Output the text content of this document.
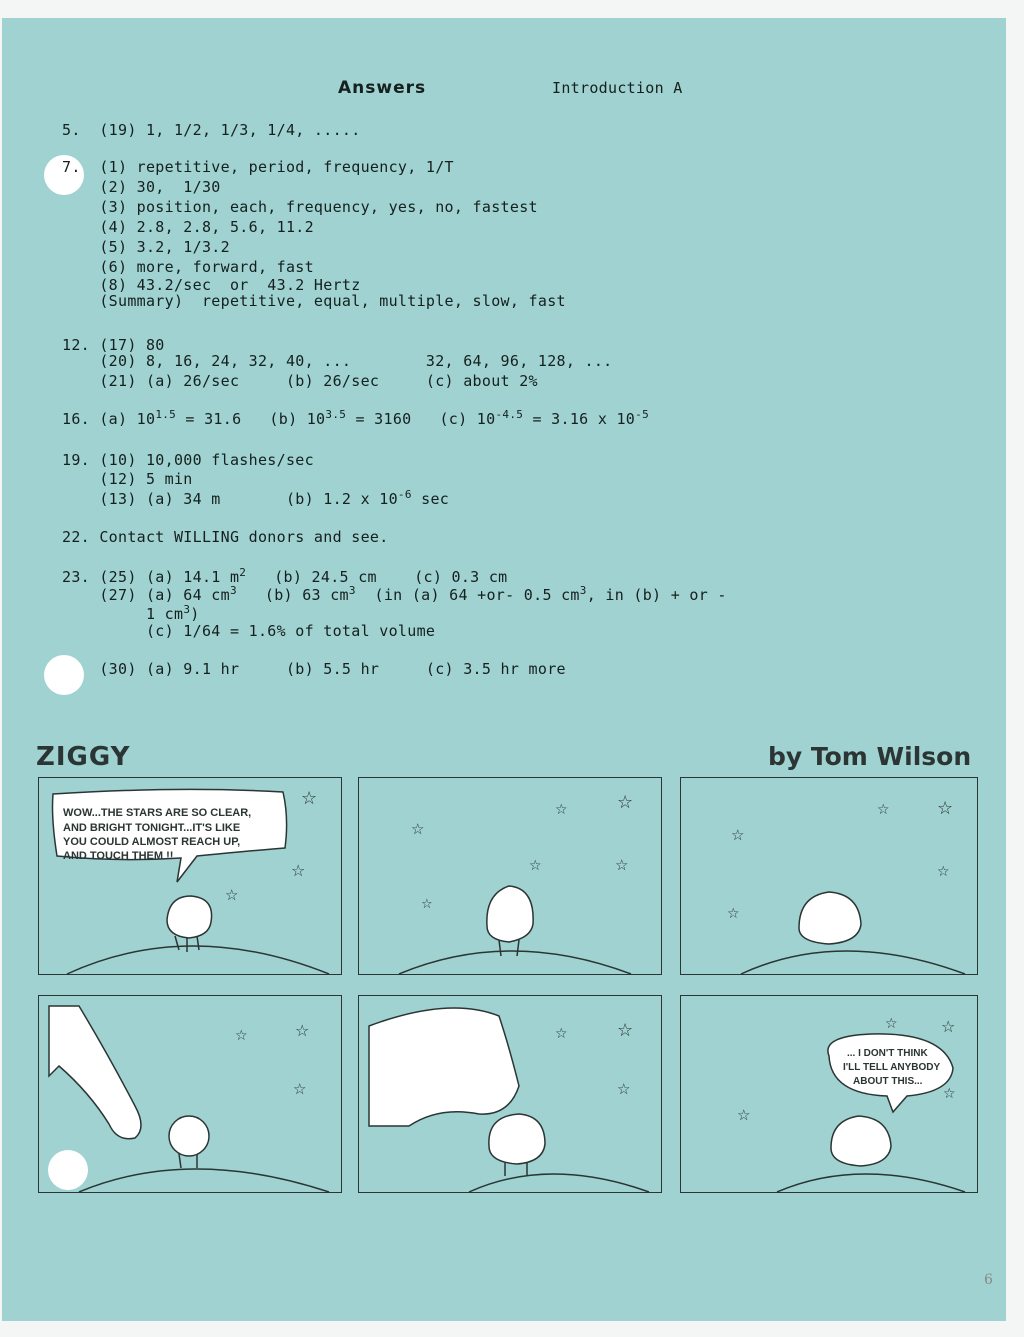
Answers	Introduction A
5.  (19) 1, 1/2, 1/3, 1/4, .....
7.  (1) repetitive, period, frequency, 1/T
(2) 30,  1/30
(3) position, each, frequency, yes, no, fastest
(4) 2.8, 2.8, 5.6, 11.2
(5) 3.2, 1/3.2
(6) more, forward, fast
(8) 43.2/sec  or  43.2 Hertz
(Summary)  repetitive, equal, multiple, slow, fast
12. (17) 80
(20) 8, 16, 24, 32, 40, ...        32, 64, 96, 128, ...
(21) (a) 26/sec     (b) 26/sec     (c) about 2%
16. (a) $10^{1.5} = 31.6$   (b) $10^{3.5} = 3160$   (c) $10^{-4.5} = 3.16$ x $10^{-5}$
19. (10) 10,000 flashes/sec
(12) 5 min
(13) (a) 34 m       (b) 1.2 x $10^{-6}$ sec
22. Contact WILLING donors and see.
23. (25) (a) 14.1 $m^2$   (b) 24.5 cm    (c) 0.3 cm
(27) (a) 64 $cm^3$   (b) 63 $cm^3$  (in (a) 64 +or- 0.5 $cm^3$, in (b) + or -
1 $cm^3$)
(c) 1/64 = 1.6% of total volume
(30) (a) 9.1 hr     (b) 5.5 hr     (c) 3.5 hr more
ZIGGY	by Tom Wilson
WOW...THE STARS ARE SO CLEAR, AND BRIGHT TONIGHT...IT'S LIKE YOU COULD ALMOST REACH UP, AND TOUCH THEM !!
☆
☆
☆
☆
☆
☆
☆
☆
☆
☆	☆
☆
☆
☆
☆	☆
☆
☆	☆
☆
☆	☆
... I DON'T THINK I'LL TELL ANYBODY ABOUT THIS...
☆
☆
6
